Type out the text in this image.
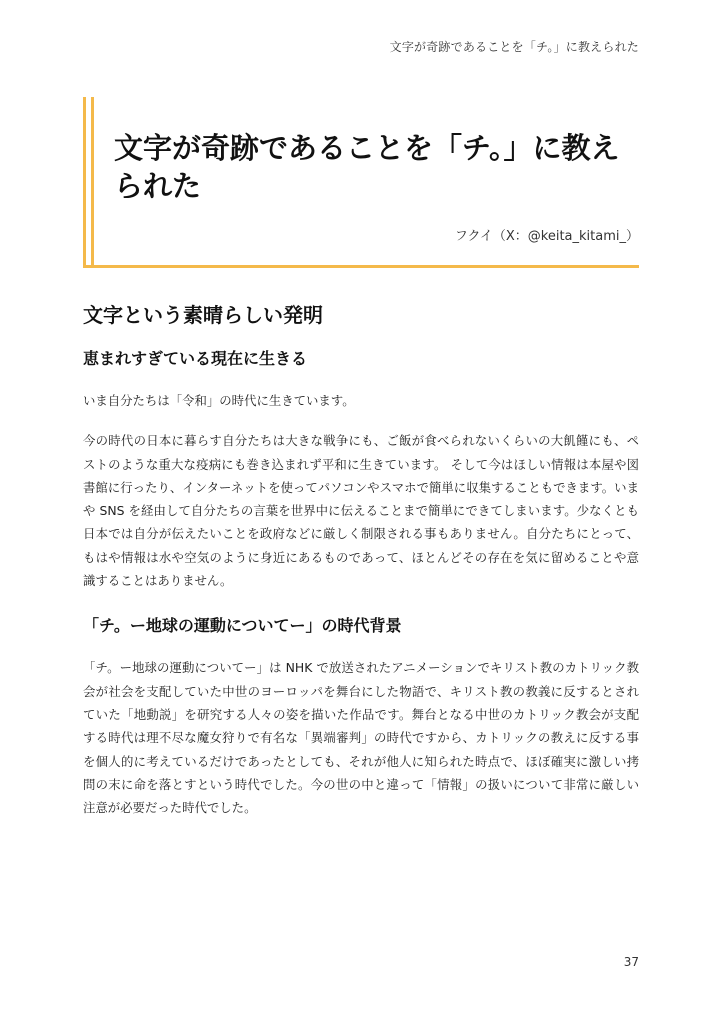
文字が奇跡であることを「チ。」に教えられた
文字が奇跡であることを「チ。」に教えられた
フクイ（X：@keita_kitami_）
文字という素晴らしい発明
恵まれすぎている現在に生きる

いま自分たちは「令和」の時代に生きています。

今の時代の日本に暮らす自分たちは大きな戦争にも、ご飯が食べられないくらいの大飢饉にも、ペストのような重大な疫病にも巻き込まれず平和に生きています。 そして今はほしい情報は本屋や図書館に行ったり、インターネットを使ってパソコンやスマホで簡単に収集することもできます。いまや SNS を経由して自分たちの言葉を世界中に伝えることまで簡単にできてしまいます。少なくとも日本では自分が伝えたいことを政府などに厳しく制限される事もありません。自分たちにとって、もはや情報は水や空気のように身近にあるものであって、ほとんどその存在を気に留めることや意識することはありません。

「チ。ー地球の運動についてー」の時代背景

「チ。ー地球の運動についてー」は NHK で放送されたアニメーションでキリスト教のカトリック教会が社会を支配していた中世のヨーロッパを舞台にした物語で、キリスト教の教義に反するとされていた「地動説」を研究する人々の姿を描いた作品です。舞台となる中世のカトリック教会が支配する時代は理不尽な魔女狩りで有名な「異端審判」の時代ですから、カトリックの教えに反する事を個人的に考えているだけであったとしても、それが他人に知られた時点で、ほぼ確実に激しい拷問の末に命を落とすという時代でした。今の世の中と違って「情報」の扱いについて非常に厳しい注意が必要だった時代でした。

37
